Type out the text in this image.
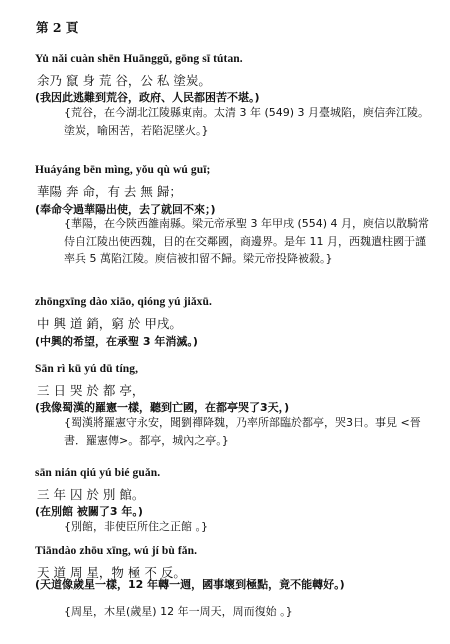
第 2 頁
Yu̇ nǎi cuàn shēn Huānggǔ, gōng sī tútan.
余乃 竄 身 荒 谷，公 私 塗炭。
(我因此逃難到荒谷，政府、人民都困苦不堪。)
{荒谷，在今湖北江陵縣東南。太清 3 年 (549) 3 月臺城陷，庾信奔江陵。塗炭，喻困苦，若陷泥墜火。}
Huáyáng bēn mìng, yǒu qù wú guī;
華陽 奔 命，有 去 無 歸；
(奉命令過華陽出使，去了就回不來；)
{華陽，在今陝西雒南縣。梁元帝承聖 3 年甲戌 (554) 4 月，庾信以散騎常侍自江陵出使西魏，目的在交鄰國，商邊界。是年 11 月，西魏遣柱國于謹率兵 5 萬陷江陵。庾信被扣留不歸。梁元帝投降被殺。}
zhōngxīng dào xiāo, qióng yú jiǎxū.
中 興 道 銷，窮 於 甲戌。
(中興的希望，在承聖 3 年消滅。)
Sān rì kū yú dū tíng,
三 日 哭 於 都 亭，
(我像蜀漢的羅憲一樣，聽到亡國，在都亭哭了3天，)
{蜀漢將羅憲守永安，聞劉禪降魏，乃率所部臨於都亭，哭3日。事見 <晉書．羅憲傳>。都亭，城內之亭。}
sān nián qiú yú bié guǎn.
三 年 囚 於 別 館。
(在別館 被關了3 年。)
{別館，非使臣所住之正館 。}
Tiāndào zhōu xīng, wú jí bù fǎn.
天 道 周 星，物 極 不 反。
(天道像歲星一樣，12 年轉一週，國事壞到極點，竟不能轉好。)
{周星，木星(歲星) 12 年一周天，周而復始 。}
